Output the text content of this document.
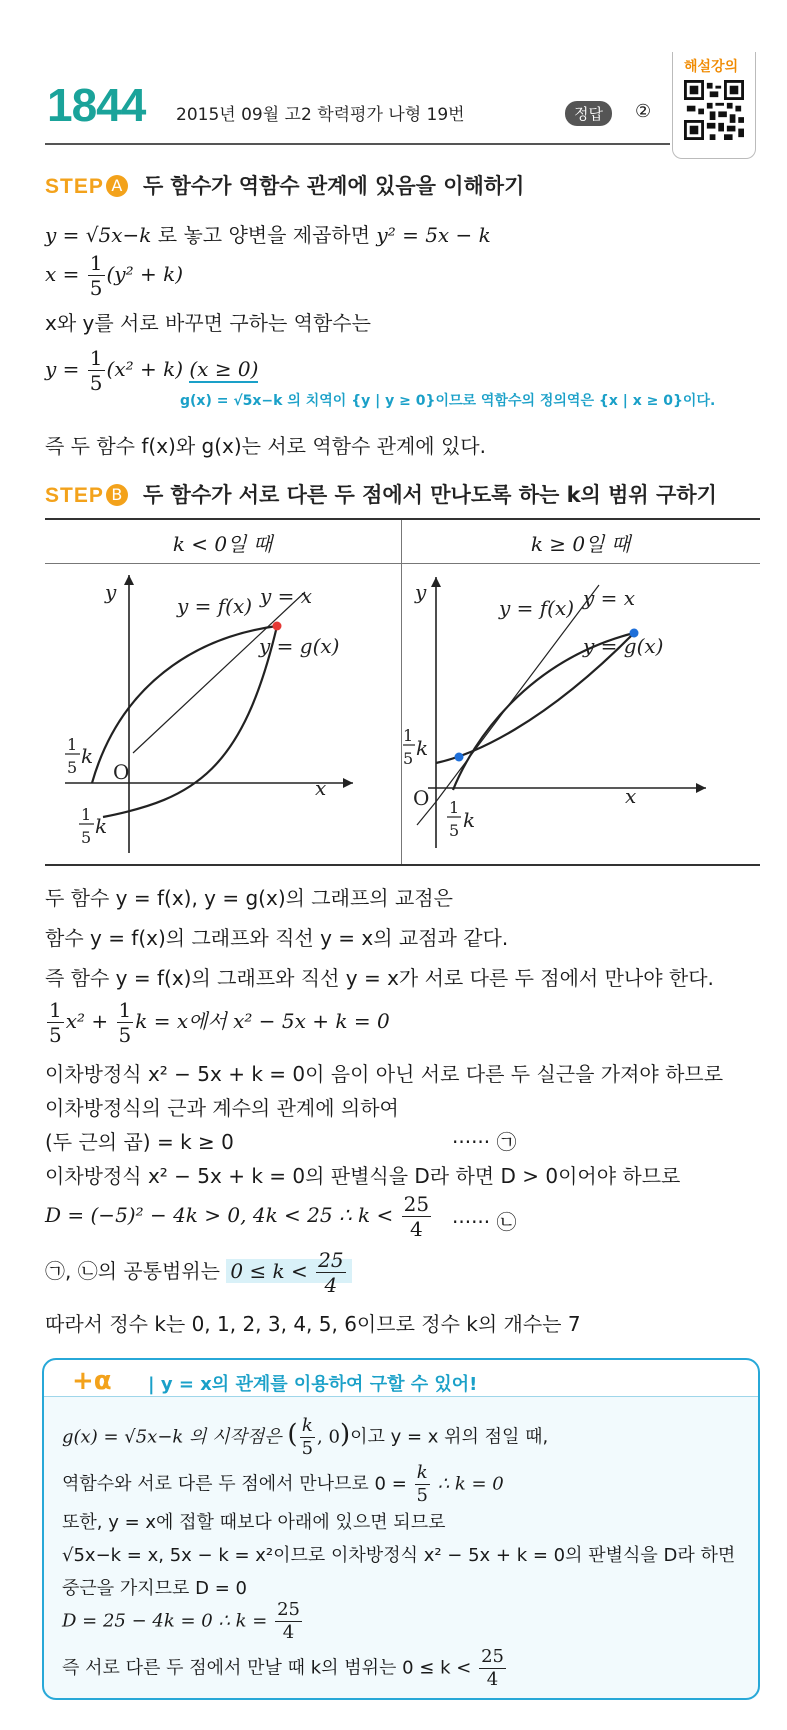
1844 2015년 09월 고2 학력평가 나형 19번	정답	②
해설강의
STEP A 두 함수가 역함수 관계에 있음을 이해하기
y = √5x−k 로 놓고 양변을 제곱하면 y² = 5x − k
$x = \frac{1}{5} (y^2 + k)$
x와 y를 서로 바꾸면 구하는 역함수는
$y = \frac{1}{5} (x^2 + k) (x \ge 0)$
g(x) = √5x−k 의 치역이 {y | y ≥ 0}이므로 역함수의 정의역은 {x | x ≥ 0}이다.
즉 두 함수 f(x)와 g(x)는 서로 역함수 관계에 있다.
STEP B 두 함수가 서로 다른 두 점에서 만나도록 하는 k의 범위 구하기
k < 0일 때	k ≥ 0일 때
y
x
O
y = f(x) y = x
y = g(x)
1
5 k
1
5 k
y
x
O
y = f(x) y = x
y = g(x)
1
5 k
1
5 k
두 함수 y = f(x), y = g(x)의 그래프의 교점은
함수 y = f(x)의 그래프와 직선 y = x의 교점과 같다.
즉 함수 y = f(x)의 그래프와 직선 y = x가 서로 다른 두 점에서 만나야 한다.
$\frac{1}{5} x^2 + \frac{1}{5}$ k = x에서 x² − 5x + k = 0
이차방정식 x² − 5x + k = 0이 음이 아닌 서로 다른 두 실근을 가져야 하므로
이차방정식의 근과 계수의 관계에 의하여
(두 근의 곱) = k ≥ 0	······ ㉠
이차방정식 x² − 5x + k = 0의 판별식을 D라 하면 D > 0이어야 하므로
D = (−5)² − 4k > 0, 4k < 25 ∴ $k < \frac{25}{4}$ ······ ㉡
㉠, ㉡의 공통범위는 $0 \le k < \frac{25}{4}$
따라서 정수 k는 0, 1, 2, 3, 4, 5, 6이므로 정수 k의 개수는 7
+α | y = x의 관계를 이용하여 구할 수 있어!
g(x) = √5x−k 의 시작점은 ( $\frac{k}{5}$ , 0)이고 y = x 위의 점일 때,
역함수와 서로 다른 두 점에서 만나므로 $0 = \frac{k}{5}$ ∴ k = 0
또한, y = x에 접할 때보다 아래에 있으면 되므로
√5x−k = x, 5x − k = x²이므로 이차방정식 x² − 5x + k = 0의 판별식을 D라 하면
중근을 가지므로 D = 0
D = 25 − 4k = 0 ∴ $k = \frac{25}{4}$
즉 서로 다른 두 점에서 만날 때 k의 범위는 $0 \le k < \frac{25}{4}$
